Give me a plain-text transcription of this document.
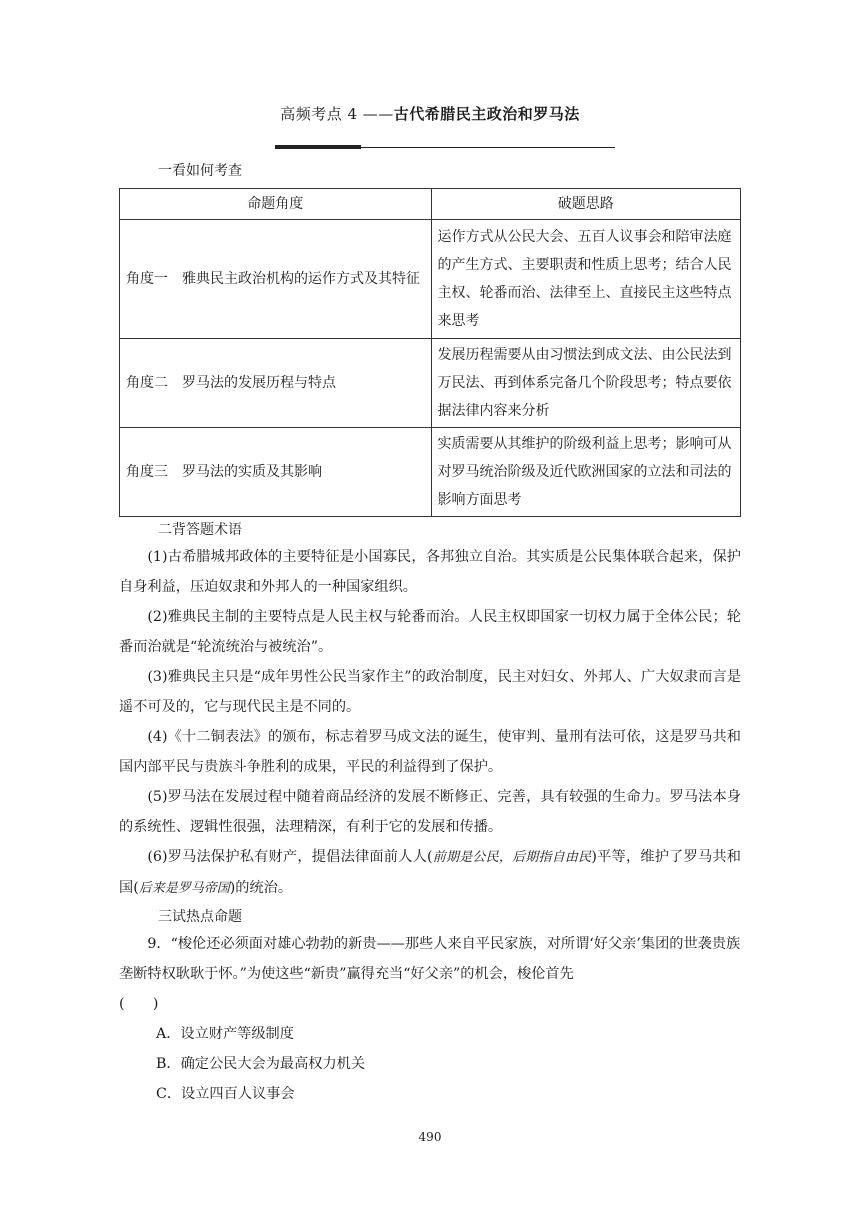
高频考点 4 ——古代希腊民主政治和罗马法
一看如何考查
命题角度	破题思路
角度一　雅典民主政治机构的运作方式及其特征	运作方式从公民大会、五百人议事会和陪审法庭的产生方式、主要职责和性质上思考；结合人民主权、轮番而治、法律至上、直接民主这些特点来思考
角度二　罗马法的发展历程与特点	发展历程需要从由习惯法到成文法、由公民法到万民法、再到体系完备几个阶段思考；特点要依据法律内容来分析
角度三　罗马法的实质及其影响	实质需要从其维护的阶级利益上思考；影响可从对罗马统治阶级及近代欧洲国家的立法和司法的影响方面思考
二背答题术语

(1)古希腊城邦政体的主要特征是小国寡民，各邦独立自治。其实质是公民集体联合起来，保护自身利益，压迫奴隶和外邦人的一种国家组织。

(2)雅典民主制的主要特点是人民主权与轮番而治。人民主权即国家一切权力属于全体公民；轮番而治就是“轮流统治与被统治”。

(3)雅典民主只是“成年男性公民当家作主”的政治制度，民主对妇女、外邦人、广大奴隶而言是遥不可及的，它与现代民主是不同的。

(4)《十二铜表法》的颁布，标志着罗马成文法的诞生，使审判、量刑有法可依，这是罗马共和国内部平民与贵族斗争胜利的成果，平民的利益得到了保护。

(5)罗马法在发展过程中随着商品经济的发展不断修正、完善，具有较强的生命力。罗马法本身的系统性、逻辑性很强，法理精深，有利于它的发展和传播。

(6)罗马法保护私有财产，提倡法律面前人人(前期是公民，后期指自由民)平等，维护了罗马共和国(后来是罗马帝国)的统治。

三试热点命题

9．“梭伦还必须面对雄心勃勃的新贵——那些人来自平民家族，对所谓‘好父亲’集团的世袭贵族垄断特权耿耿于怀。”为使这些“新贵”赢得充当“好父亲”的机会，梭伦首先

(　　)

A．设立财产等级制度

B．确定公民大会为最高权力机关

C．设立四百人议事会

490
